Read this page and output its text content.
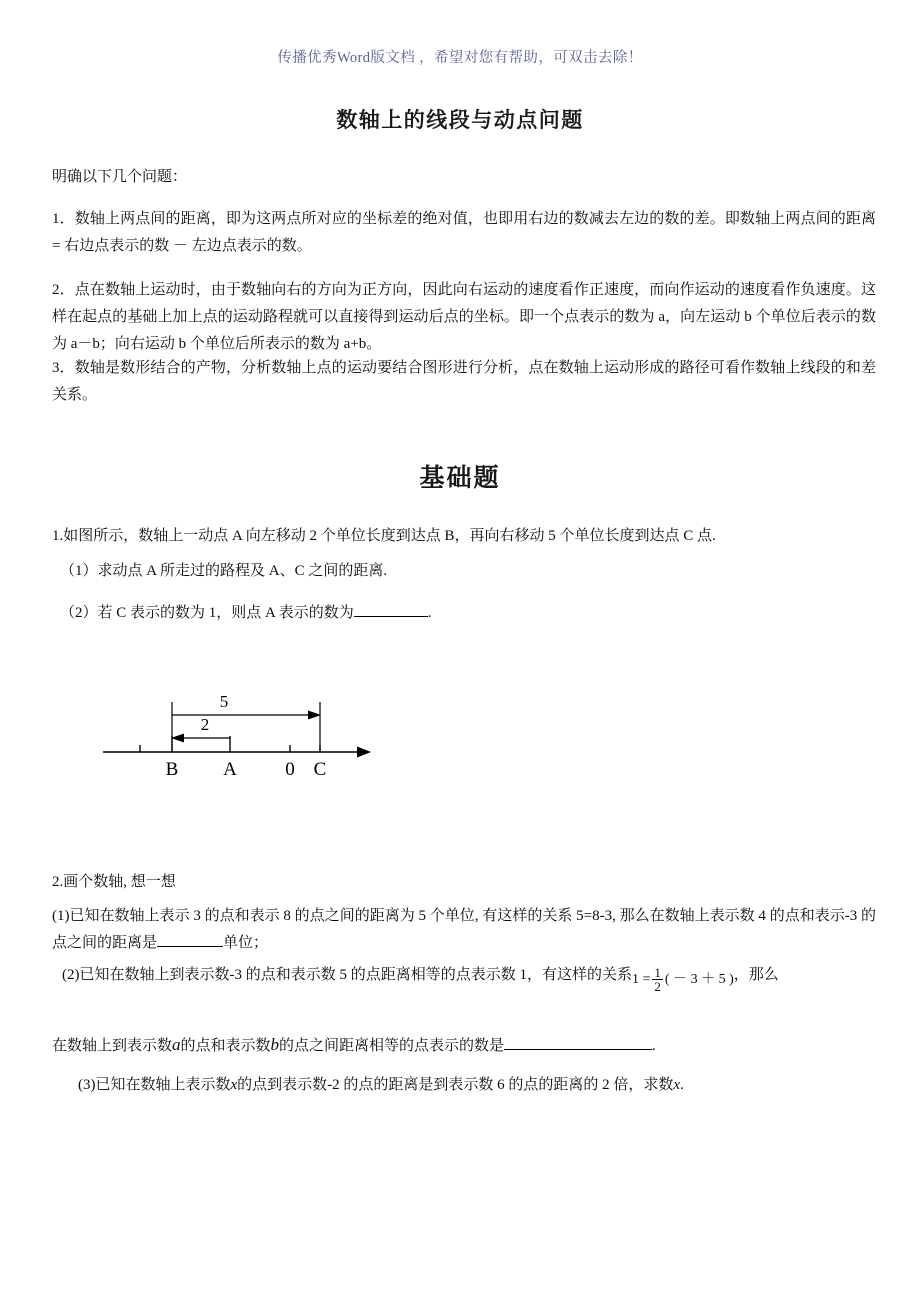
传播优秀Word版文档 ，希望对您有帮助，可双击去除！
数轴上的线段与动点问题

明确以下几个问题：

1．数轴上两点间的距离，即为这两点所对应的坐标差的绝对值，也即用右边的数减去左边的数的差。即数轴上两点间的距离 = 右边点表示的数 － 左边点表示的数。

2．点在数轴上运动时，由于数轴向右的方向为正方向，因此向右运动的速度看作正速度，而向作运动的速度看作负速度。这样在起点的基础上加上点的运动路程就可以直接得到运动后点的坐标。即一个点表示的数为 a，向左运动 b 个单位后表示的数为 a－b；向右运动 b 个单位后所表示的数为 a+b。

3．数轴是数形结合的产物，分析数轴上点的运动要结合图形进行分析，点在数轴上运动形成的路径可看作数轴上线段的和差关系。

基础题

1.如图所示，数轴上一动点 A 向左移动 2 个单位长度到达点 B，再向右移动 5 个单位长度到达点 C 点.

（1）求动点 A 所走过的路程及 A、C 之间的距离.

（2）若 C 表示的数为 1，则点 A 表示的数为	.

5
2
B A	0 C

2.画个数轴, 想一想

(1)已知在数轴上表示 3 的点和表示 8 的点之间的距离为 5 个单位, 有这样的关系 5=8-3, 那么在数轴上表示数 4 的点和表示-3 的点之间的距离是	单位；

(2)已知在数轴上到表示数-3 的点和表示数 5 的点距离相等的点表示数 1，有这样的关系$1 = \frac{1}{2}$ ( － 3 ＋ 5 )，那么

在数轴上到表示数a的点和表示数b的点之间距离相等的点表示的数是	.

(3)已知在数轴上表示数x的点到表示数-2 的点的距离是到表示数 6 的点的距离的 2 倍，求数x.
